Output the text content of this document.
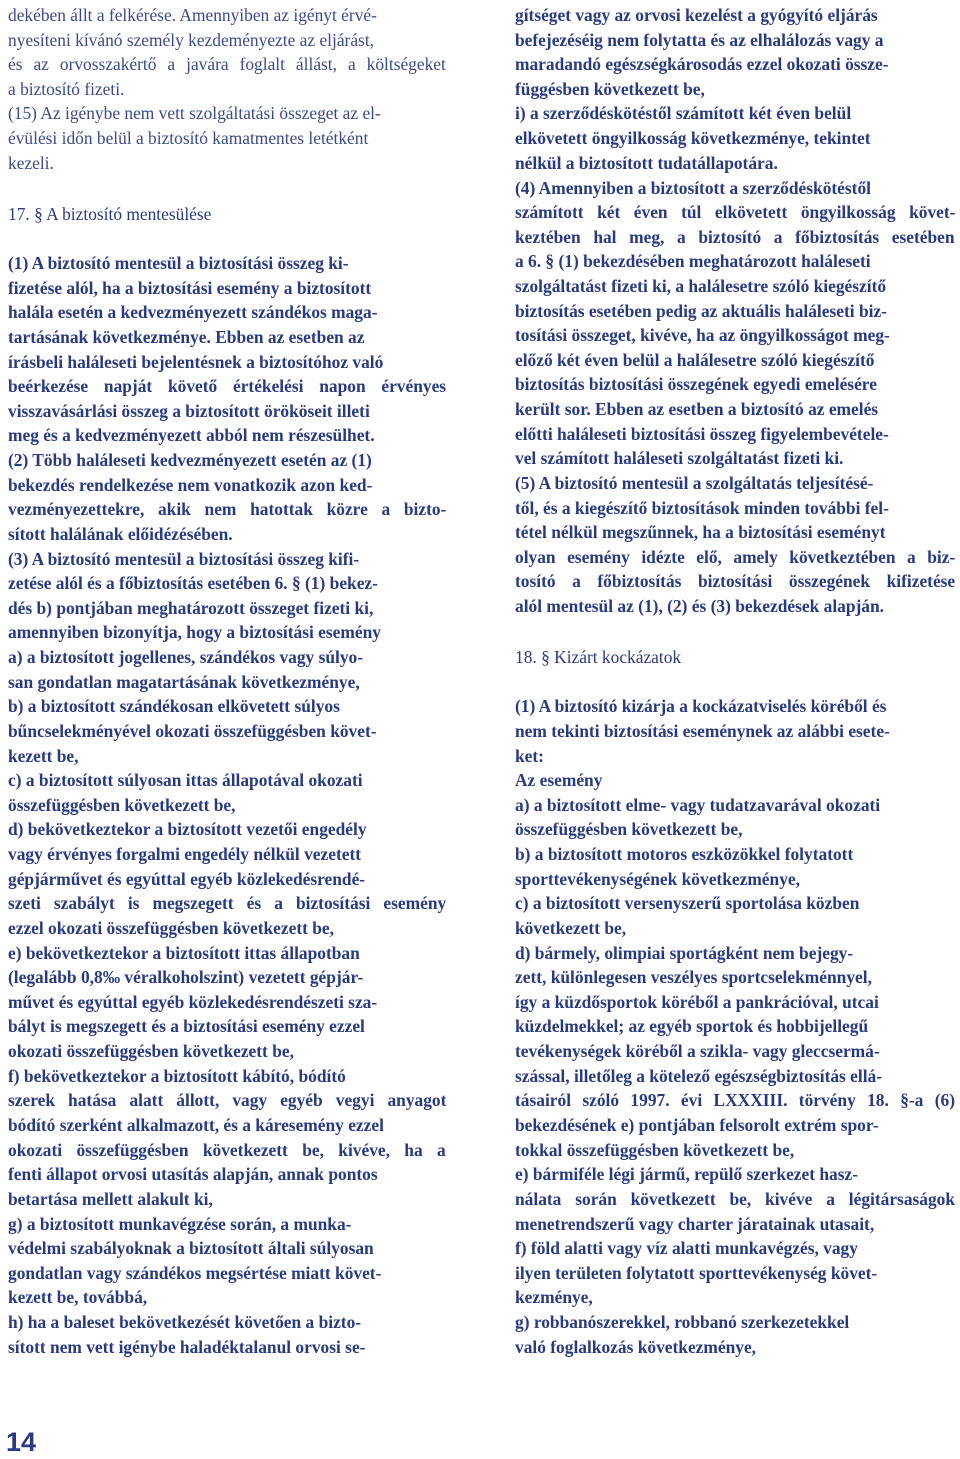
dekében állt a felkérése. Amennyiben az igényt érvé-
nyesíteni kívánó személy kezdeményezte az eljárást,
és az orvosszakértő a javára foglalt állást, a költségeket
a biztosító fizeti.
(15) Az igénybe nem vett szolgáltatási összeget az el-
évülési időn belül a biztosító kamatmentes letétként
kezeli.
17. § A biztosító mentesülése
(1) A biztosító mentesül a biztosítási összeg ki-
fizetése alól, ha a biztosítási esemény a biztosított
halála esetén a kedvezményezett szándékos maga-
tartásának következménye. Ebben az esetben az
írásbeli haláleseti bejelentésnek a biztosítóhoz való
beérkezése napját követő értékelési napon érvényes
visszavásárlási összeg a biztosított örököseit illeti
meg és a kedvezményezett abból nem részesülhet.
(2) Több haláleseti kedvezményezett esetén az (1)
bekezdés rendelkezése nem vonatkozik azon ked-
vezményezettekre, akik nem hatottak közre a bizto-
sított halálának előidézésében.
(3) A biztosító mentesül a biztosítási összeg kifi-
zetése alól és a főbiztosítás esetében 6. § (1) bekez-
dés b) pontjában meghatározott összeget fizeti ki,
amennyiben bizonyítja, hogy a biztosítási esemény
a) a biztosított jogellenes, szándékos vagy súlyo-
san gondatlan magatartásának következménye,
b) a biztosított szándékosan elkövetett súlyos
bűncselekményével okozati összefüggésben követ-
kezett be,
c) a biztosított súlyosan ittas állapotával okozati
összefüggésben következett be,
d) bekövetkeztekor a biztosított vezetői engedély
vagy érvényes forgalmi engedély nélkül vezetett
gépjárművet és egyúttal egyéb közlekedésrendé-
szeti szabályt is megszegett és a biztosítási esemény
ezzel okozati összefüggésben következett be,
e) bekövetkeztekor a biztosított ittas állapotban
(legalább 0,8‰ véralkoholszint) vezetett gépjár-
művet és egyúttal egyéb közlekedésrendészeti sza-
bályt is megszegett és a biztosítási esemény ezzel
okozati összefüggésben következett be,
f) bekövetkeztekor a biztosított kábító, bódító
szerek hatása alatt állott, vagy egyéb vegyi anyagot
bódító szerként alkalmazott, és a káresemény ezzel
okozati összefüggésben következett be, kivéve, ha a
fenti állapot orvosi utasítás alapján, annak pontos
betartása mellett alakult ki,
g) a biztosított munkavégzése során, a munka-
védelmi szabályoknak a biztosított általi súlyosan
gondatlan vagy szándékos megsértése miatt követ-
kezett be, továbbá,
h) ha a baleset bekövetkezését követően a bizto-
sított nem vett igénybe haladéktalanul orvosi se-
gítséget vagy az orvosi kezelést a gyógyító eljárás
befejezéséig nem folytatta és az elhalálozás vagy a
maradandó egészségkárosodás ezzel okozati össze-
függésben következett be,
i) a szerződéskötéstől számított két éven belül
elkövetett öngyilkosság következménye, tekintet
nélkül a biztosított tudatállapotára.
(4) Amennyiben a biztosított a szerződéskötéstől
számított két éven túl elkövetett öngyilkosság követ-
keztében hal meg, a biztosító a főbiztosítás esetében
a 6. § (1) bekezdésében meghatározott haláleseti
szolgáltatást fizeti ki, a halálesetre szóló kiegészítő
biztosítás esetében pedig az aktuális haláleseti biz-
tosítási összeget, kivéve, ha az öngyilkosságot meg-
előző két éven belül a halálesetre szóló kiegészítő
biztosítás biztosítási összegének egyedi emelésére
került sor. Ebben az esetben a biztosító az emelés
előtti haláleseti biztosítási összeg figyelembevétele-
vel számított haláleseti szolgáltatást fizeti ki.
(5) A biztosító mentesül a szolgáltatás teljesítésé-
től, és a kiegészítő biztosítások minden további fel-
tétel nélkül megszűnnek, ha a biztosítási eseményt
olyan esemény idézte elő, amely következtében a biz-
tosító a főbiztosítás biztosítási összegének kifizetése
alól mentesül az (1), (2) és (3) bekezdések alapján.
18. § Kizárt kockázatok
(1) A biztosító kizárja a kockázatviselés köréből és
nem tekinti biztosítási eseménynek az alábbi esete-
ket:
Az esemény
a) a biztosított elme- vagy tudatzavarával okozati
összefüggésben következett be,
b) a biztosított motoros eszközökkel folytatott
sporttevékenységének következménye,
c) a biztosított versenyszerű sportolása közben
következett be,
d) bármely, olimpiai sportágként nem bejegy-
zett, különlegesen veszélyes sportcselekménnyel,
így a küzdősportok köréből a pankrációval, utcai
küzdelmekkel; az egyéb sportok és hobbijellegű
tevékenységek köréből a szikla- vagy gleccsermá-
szással, illetőleg a kötelező egészségbiztosítás ellá-
tásairól szóló 1997. évi LXXXIII. törvény 18. §-a (6)
bekezdésének e) pontjában felsorolt extrém spor-
tokkal összefüggésben következett be,
e) bármiféle légi jármű, repülő szerkezet hasz-
nálata során következett be, kivéve a légitársaságok
menetrendszerű vagy charter járatainak utasait,
f) föld alatti vagy víz alatti munkavégzés, vagy
ilyen területen folytatott sporttevékenység követ-
kezménye,
g) robbanószerekkel, robbanó szerkezetekkel
való foglalkozás következménye,
14
